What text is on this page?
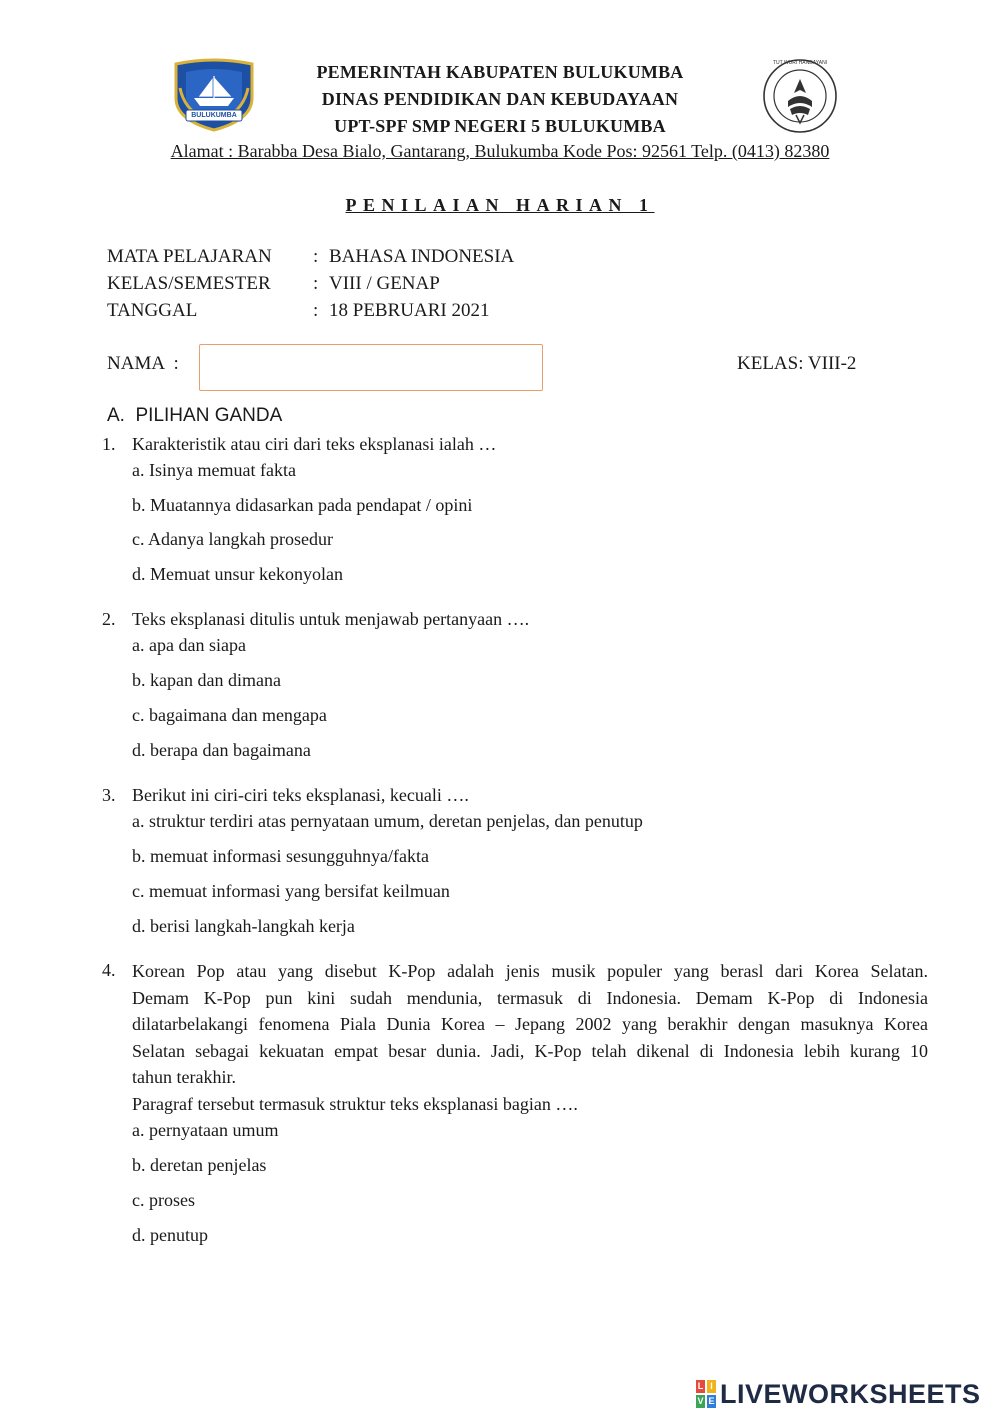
BULUKUMBA
PEMERINTAH KABUPATEN BULUKUMBA
DINAS PENDIDIKAN DAN KEBUDAYAAN
UPT-SPF SMP NEGERI 5 BULUKUMBA
TUT WURI HANDAYANI
Alamat : Barabba Desa Bialo, Gantarang, Bulukumba Kode Pos: 92561 Telp. (0413) 82380
PENILAIAN HARIAN 1
MATA PELAJARAN : BAHASA INDONESIA
KELAS/SEMESTER : VIII / GENAP
TANGGAL	: 18 PEBRUARI 2021
NAMA  :	KELAS: VIII-2
A.  PILIHAN GANDA
1. Karakteristik atau ciri dari teks eksplanasi ialah …
a. Isinya memuat fakta
b. Muatannya didasarkan pada pendapat / opini
c. Adanya langkah prosedur
d. Memuat unsur kekonyolan
2. Teks eksplanasi ditulis untuk menjawab pertanyaan ….
a. apa dan siapa
b. kapan dan dimana
c. bagaimana dan mengapa
d. berapa dan bagaimana
3. Berikut ini ciri-ciri teks eksplanasi, kecuali ….
a. struktur terdiri atas pernyataan umum, deretan penjelas, dan penutup
b. memuat informasi sesungguhnya/fakta
c. memuat informasi yang bersifat keilmuan
d. berisi langkah-langkah kerja
4. Korean Pop atau yang disebut K-Pop adalah jenis musik populer yang berasl dari Korea Selatan.
Demam K-Pop pun kini sudah mendunia, termasuk di Indonesia. Demam K-Pop di Indonesia
dilatarbelakangi fenomena Piala Dunia Korea – Jepang 2002 yang berakhir dengan masuknya Korea
Selatan sebagai kekuatan empat besar dunia. Jadi, K-Pop telah dikenal di Indonesia lebih kurang 10
tahun terakhir.
Paragraf tersebut termasuk struktur teks eksplanasi bagian ….
a. pernyataan umum
b. deretan penjelas
c. proses
d. penutup
L I
V E LIVEWORKSHEETS
